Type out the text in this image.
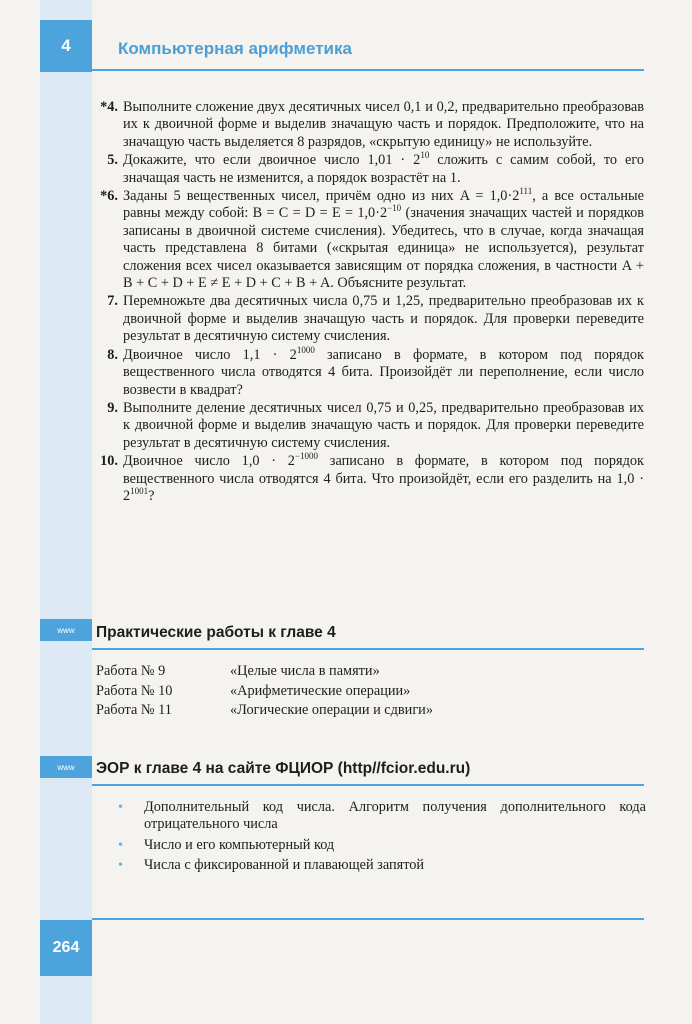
4	Компьютерная арифметика
*4. Выполните сложение двух десятичных чисел 0,1 и 0,2, предварительно преобразовав их к двоичной форме и выделив значащую часть и порядок. Предположите, что на значащую часть выделяется 8 разрядов, «скрытую единицу» не используйте.
5. Докажите, что если двоичное число $1,01 \cdot 2^{10}$ сложить с самим собой, то его значащая часть не изменится, а порядок возрастёт на 1.
*6. Заданы 5 вещественных чисел, причём одно из них $A = 1,0\cdot 2^{111}$, а все остальные равны между собой: $B = C = D = E = 1,0\cdot 2^{-10}$ (значения значащих частей и порядков записаны в двоичной системе счисления). Убедитесь, что в случае, когда значащая часть представлена 8 битами («скрытая единица» не используется), результат сложения всех чисел оказывается зависящим от порядка сложения, в частности A + B + C + D + E ≠ E + D + C + B + A. Объясните результат.
7. Перемножьте два десятичных числа 0,75 и 1,25, предварительно преобразовав их к двоичной форме и выделив значащую часть и порядок. Для проверки переведите результат в десятичную систему счисления.
8. Двоичное число $1,1 \cdot 2^{1000}$ записано в формате, в котором под порядок вещественного числа отводятся 4 бита. Произойдёт ли переполнение, если число возвести в квадрат?
9. Выполните деление десятичных чисел 0,75 и 0,25, предварительно преобразовав их к двоичной форме и выделив значащую часть и порядок. Для проверки переведите результат в десятичную систему счисления.
10. Двоичное число $1,0 \cdot 2^{-1000}$ записано в формате, в котором под порядок вещественного числа отводятся 4 бита. Что произойдёт, если его разделить на $1,0 \cdot 2^{1001}$?
www	Практические работы к главе 4
Работа № 9	«Целые числа в памяти»
Работа № 10	«Арифметические операции»
Работа № 11	«Логические операции и сдвиги»
www	ЭОР к главе 4 на сайте ФЦИОР (http//fcior.edu.ru)
•	Дополнительный код числа. Алгоритм получения дополнительного кода отрицательного числа
•	Число и его компьютерный код
•	Числа с фиксированной и плавающей запятой
264
